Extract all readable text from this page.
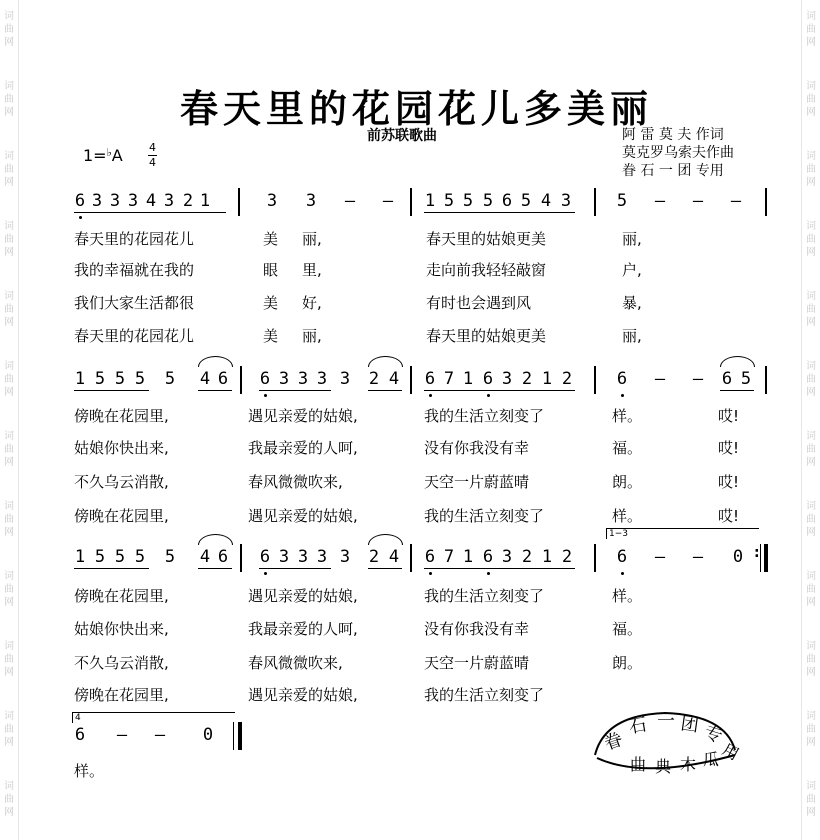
词
曲
网
词
曲
网
词
曲
网
词
曲
网
词
曲
网
词
曲
网
词
曲
网
词
曲
网
词
曲
网
词
曲
网
词
曲
网
词
曲
网
词
曲
网
词
曲
网
词
曲
网
词
曲
网
词
曲
网
词
曲
网
词
曲
网
词
曲
网
词
曲
网
词
曲
网
词
曲
网
词
曲
网
春天里的花园花儿多美丽
前苏联歌曲	阿 雷 莫 夫 作词
莫克罗乌索夫作曲
眷 石 一 团 专用
1=♭A 4
4
6 3 3 3 4 3 2 1	3 3 — — 1 5 5 5 6 5 4 3	5 — — —
春天里的花园花儿	美 丽,	春天里的姑娘更美	丽,
我的幸福就在我的	眼 里,	走向前我轻轻敲窗	户,
我们大家生活都很	美 好,	有时也会遇到风	暴,
春天里的花园花儿	美 丽,	春天里的姑娘更美	丽,
1 5 5 5 5 4 6 6 3 3 3 3 2 4 6 7 1 6 3 2 1 2	6 — — 6 5
1 5 5 5 5 4 6 6 3 3 3 3 2 4 6 7 1 6 3 2 1 2	6 — — 0
1−3
:
傍晚在花园里,	遇见亲爱的姑娘,	我的生活立刻变了	样。	哎!
姑娘你快出来,	我最亲爱的人呵,	没有你我没有幸	福。	哎!
不久乌云消散,	春风微微吹来,	天空一片蔚蓝晴	朗。	哎!
傍晚在花园里,	遇见亲爱的姑娘,	我的生活立刻变了	样。	哎!
傍晚在花园里,	遇见亲爱的姑娘,	我的生活立刻变了	样。
姑娘你快出来,	我最亲爱的人呵,	没有你我没有幸	福。
不久乌云消散,	春风微微吹来,	天空一片蔚蓝晴	朗。
傍晚在花园里,	遇见亲爱的姑娘,	我的生活立刻变了
4
6 — — 0
样。
眷
石 一 团 专
用
曲 典 木 瓜
